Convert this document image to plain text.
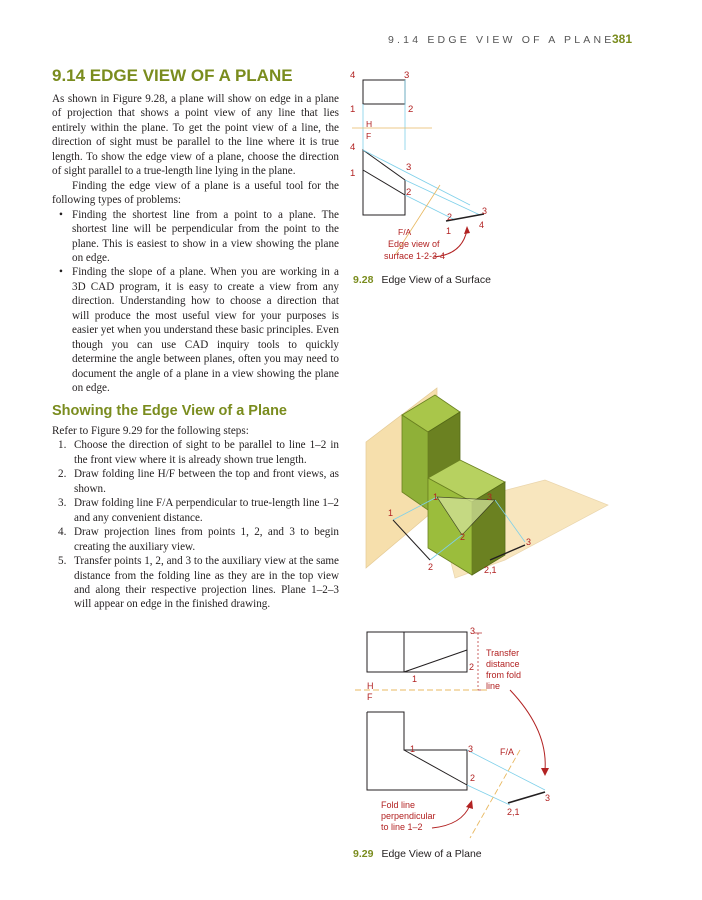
9.14 EDGE VIEW OF A PLANE
381
9.14 EDGE VIEW OF A PLANE

As shown in Figure 9.28, a plane will show on edge in a plane of projection that shows a point view of any line that lies entirely within the plane. To get the point view of a line, the direction of sight must be parallel to the line where it is true length. To show the edge view of a plane, choose the direction of sight parallel to a true-length line lying in the plane.

Finding the edge view of a plane is a useful tool for the following types of problems:

• Finding the shortest line from a point to a plane. The shortest line will be perpendicular from the point to the plane. This is easiest to show in a view showing the plane on edge.
• Finding the slope of a plane. When you are working in a 3D CAD program, it is easy to create a view from any direction. Understanding how to choose a direction that will produce the most useful view for your purposes is easier yet when you understand these basic principles. Even though you can use CAD inquiry tools to quickly determine the angle between planes, often you may need to document the angle of a plane in a view showing the plane on edge.
Showing the Edge View of a Plane

Refer to Figure 9.29 for the following steps:

1. Choose the direction of sight to be parallel to line 1–2 in the front view where it is already shown true length.
2. Draw folding line H/F between the top and front views, as shown.
3. Draw folding line F/A perpendicular to true-length line 1–2 and any convenient distance.
4. Draw projection lines from points 1, 2, and 3 to begin creating the auxiliary view.
5. Transfer points 1, 2, and 3 to the auxiliary view at the same distance from the folding line as they are in the top view and along their respective projection lines. Plane 1–2–3 will appear on edge in the finished drawing.
4	3
1	2
H
F
4
1
3
2
F/A
2
1
3
4
Edge view of
surface 1-2-3-4
9.28 Edge View of a Surface
1
1	3
2
2
3
2,1
3
2
1
H
F
1	3
2
F/A
3
2,1
Transfer
distance
from fold
line
Fold line
perpendicular
to line 1–2
9.29 Edge View of a Plane
